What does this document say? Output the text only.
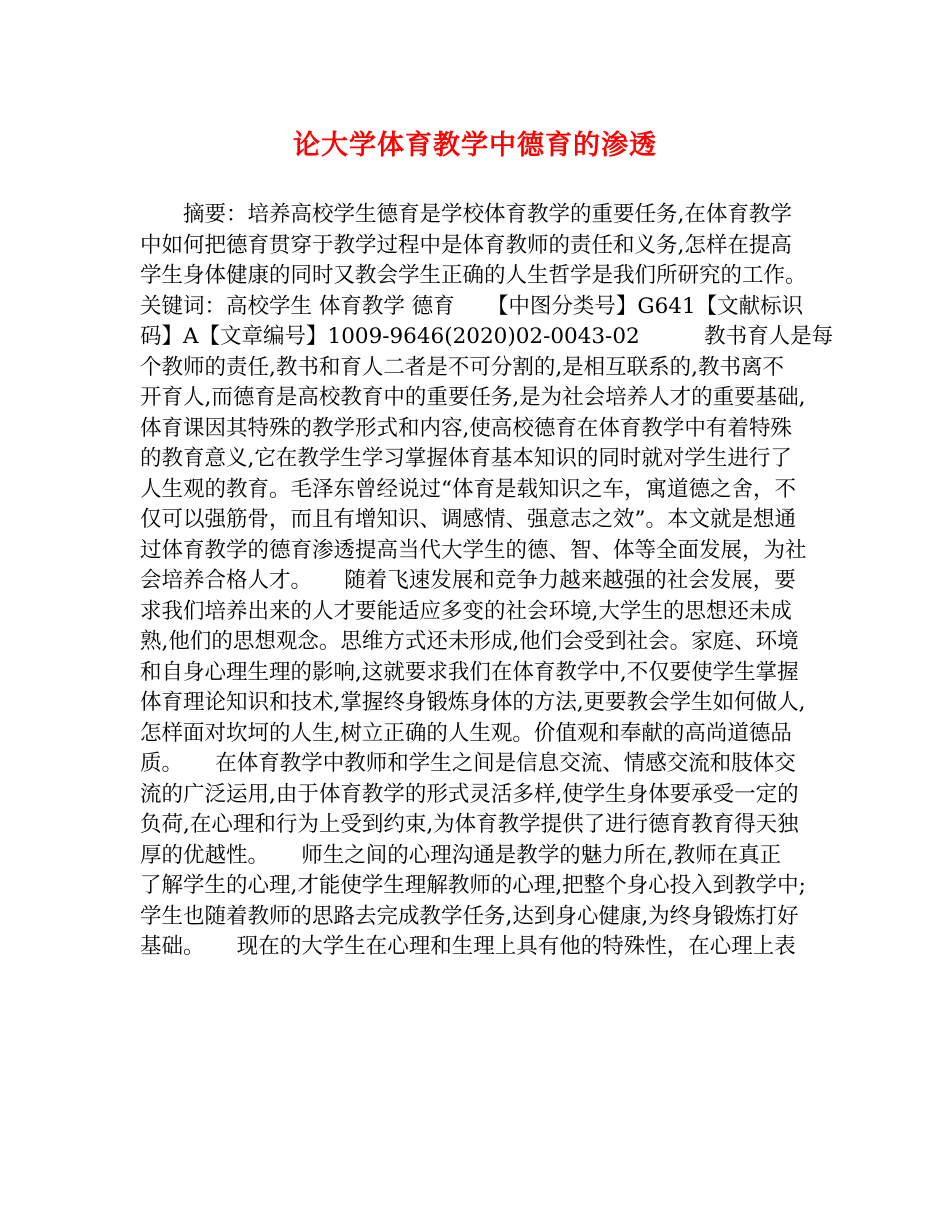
论大学体育教学中德育的渗透
　　摘要：培养高校学生德育是学校体育教学的重要任务,在体育教学
中如何把德育贯穿于教学过程中是体育教师的责任和义务,怎样在提高
学生身体健康的同时又教会学生正确的人生哲学是我们所研究的工作。
关键词：高校学生 体育教学 德育　　【中图分类号】G641【文献标识
码】A【文章编号】1009-9646(2020)02-0043-02　　　教书育人是每
个教师的责任,教书和育人二者是不可分割的,是相互联系的,教书离不
开育人,而德育是高校教育中的重要任务,是为社会培养人才的重要基础,
体育课因其特殊的教学形式和内容,使高校德育在体育教学中有着特殊
的教育意义,它在教学生学习掌握体育基本知识的同时就对学生进行了
人生观的教育。毛泽东曾经说过“体育是载知识之车，寓道德之舍，不
仅可以强筋骨，而且有增知识、调感情、强意志之效”。本文就是想通
过体育教学的德育渗透提高当代大学生的德、智、体等全面发展，为社
会培养合格人才。　　随着飞速发展和竞争力越来越强的社会发展，要
求我们培养出来的人才要能适应多变的社会环境,大学生的思想还未成
熟,他们的思想观念。思维方式还未形成,他们会受到社会。家庭、环境
和自身心理生理的影响,这就要求我们在体育教学中,不仅要使学生掌握
体育理论知识和技术,掌握终身锻炼身体的方法,更要教会学生如何做人,
怎样面对坎坷的人生,树立正确的人生观。价值观和奉献的高尚道德品
质。　　在体育教学中教师和学生之间是信息交流、情感交流和肢体交
流的广泛运用,由于体育教学的形式灵活多样,使学生身体要承受一定的
负荷,在心理和行为上受到约束,为体育教学提供了进行德育教育得天独
厚的优越性。　　师生之间的心理沟通是教学的魅力所在,教师在真正
了解学生的心理,才能使学生理解教师的心理,把整个身心投入到教学中;
学生也随着教师的思路去完成教学任务,达到身心健康,为终身锻炼打好
基础。　　现在的大学生在心理和生理上具有他的特殊性，在心理上表
